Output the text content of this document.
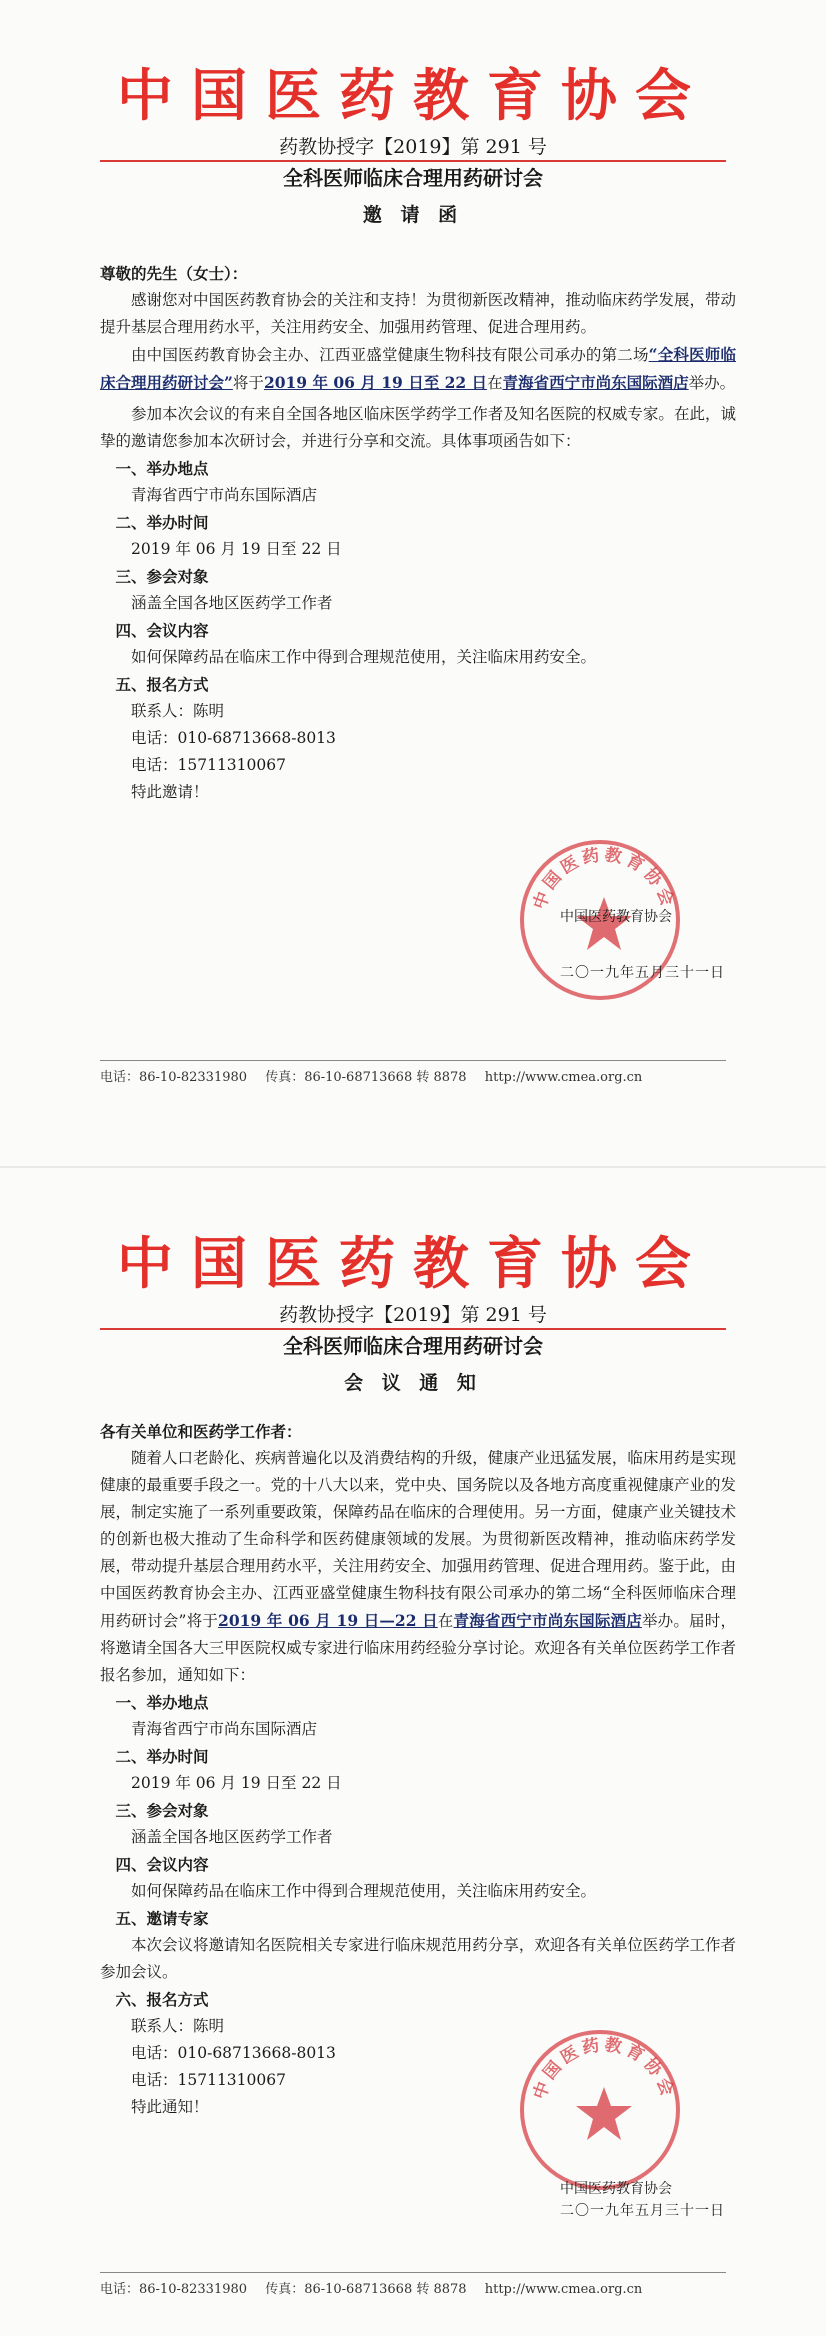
中国医药教育协会
药教协授字【2019】第 291 号
全科医师临床合理用药研讨会
邀 请 函

尊敬的先生（女士）：

感谢您对中国医药教育协会的关注和支持！为贯彻新医改精神，推动临床药学发展，带动提升基层合理用药水平，关注用药安全、加强用药管理、促进合理用药。

由中国医药教育协会主办、江西亚盛堂健康生物科技有限公司承办的第二场“全科医师临床合理用药研讨会”将于2019 年 06 月 19 日至 22 日在青海省西宁市尚东国际酒店举办。

参加本次会议的有来自全国各地区临床医学药学工作者及知名医院的权威专家。在此，诚挚的邀请您参加本次研讨会，并进行分享和交流。具体事项函告如下：

一、举办地点

青海省西宁市尚东国际酒店

二、举办时间

2019 年 06 月 19 日至 22 日

三、参会对象

涵盖全国各地区医药学工作者

四、会议内容

如何保障药品在临床工作中得到合理规范使用，关注临床用药安全。

五、报名方式

联系人：陈明

电话：010-68713668-8013

电话：15711310067

特此邀请！

中国医药教育协会
中国医药教育协会
二〇一九年五月三十一日
电话：86-10-82331980 传真：86-10-68713668 转 8878 http://www.cmea.org.cn
中国医药教育协会
药教协授字【2019】第 291 号
全科医师临床合理用药研讨会
会 议 通 知

各有关单位和医药学工作者：

随着人口老龄化、疾病普遍化以及消费结构的升级，健康产业迅猛发展，临床用药是实现健康的最重要手段之一。党的十八大以来，党中央、国务院以及各地方高度重视健康产业的发展，制定实施了一系列重要政策，保障药品在临床的合理使用。另一方面，健康产业关键技术的创新也极大推动了生命科学和医药健康领域的发展。为贯彻新医改精神，推动临床药学发展，带动提升基层合理用药水平，关注用药安全、加强用药管理、促进合理用药。鉴于此，由中国医药教育协会主办、江西亚盛堂健康生物科技有限公司承办的第二场“全科医师临床合理用药研讨会”将于2019 年 06 月 19 日—22 日在青海省西宁市尚东国际酒店举办。届时，将邀请全国各大三甲医院权威专家进行临床用药经验分享讨论。欢迎各有关单位医药学工作者报名参加，通知如下：

一、举办地点

青海省西宁市尚东国际酒店

二、举办时间

2019 年 06 月 19 日至 22 日

三、参会对象

涵盖全国各地区医药学工作者

四、会议内容

如何保障药品在临床工作中得到合理规范使用，关注临床用药安全。

五、邀请专家

本次会议将邀请知名医院相关专家进行临床规范用药分享，欢迎各有关单位医药学工作者参加会议。

六、报名方式

联系人：陈明

电话：010-68713668-8013

电话：15711310067

特此通知！

中国医药教育协会
中国医药教育协会
二〇一九年五月三十一日
电话：86-10-82331980 传真：86-10-68713668 转 8878 http://www.cmea.org.cn
